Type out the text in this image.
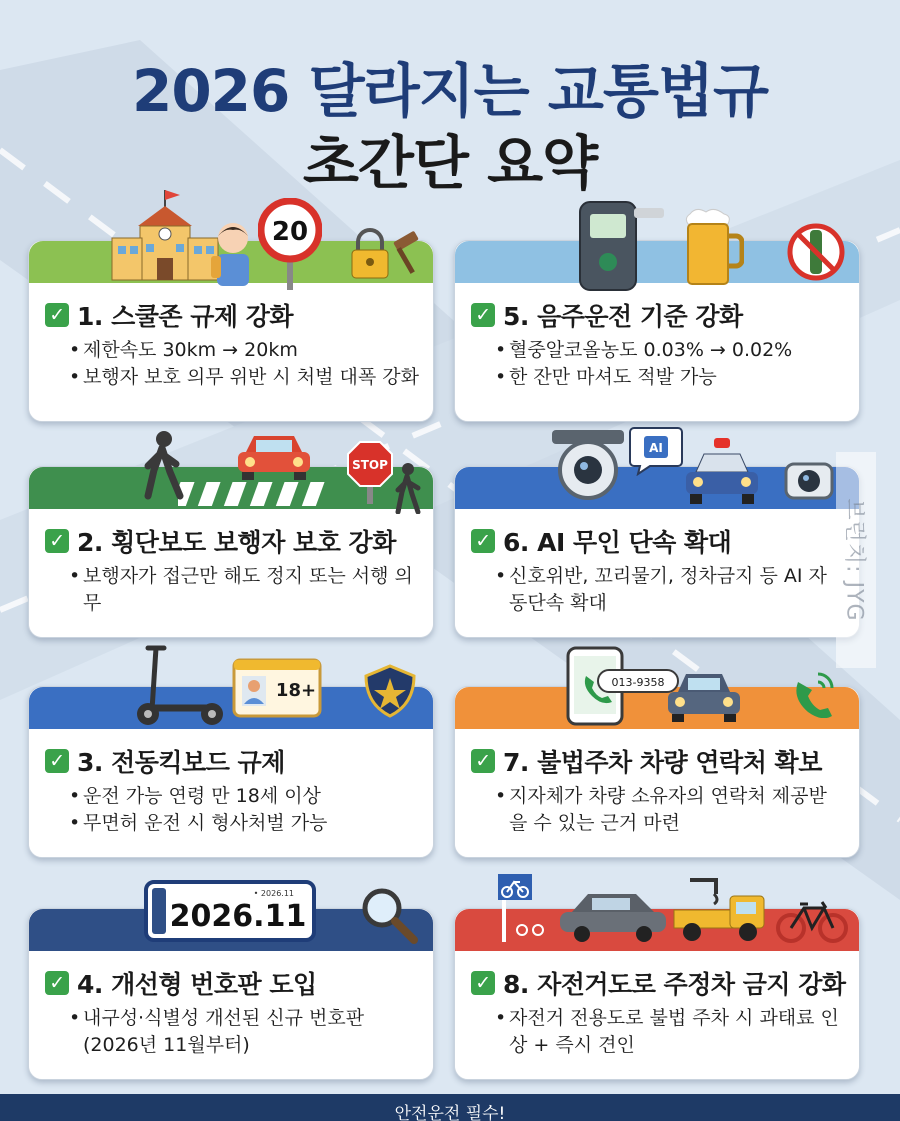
2026 달라지는 교통법규
초간단 요약
✓ 1. 스쿨존 규제 강화
• 제한속도 30km → 20km
• 보행자 보호 의무 위반 시 처벌 대폭 강화
20
✓ 5. 음주운전 기준 강화
• 혈중알코올농도 0.03% → 0.02%
• 한 잔만 마셔도 적발 가능
✓ 2. 횡단보도 보행자 보호 강화
• 보행자가 접근만 해도 정지 또는 서행 의무
STOP
✓ 6. AI 무인 단속 확대
• 신호위반, 꼬리물기, 정차금지 등 AI 자동단속 확대
AI
✓ 3. 전동킥보드 규제
• 운전 가능 연령 만 18세 이상
• 무면허 운전 시 형사처벌 가능
18+
✓ 7. 불법주차 차량 연락처 확보
• 지자체가 차량 소유자의 연락처 제공받을 수 있는 근거 마련
013-9358
✓ 4. 개선형 번호판 도입
• 내구성·식별성 개선된 신규 번호판(2026년 11월부터)
• 2026.11
2026.11
✓ 8. 자전거도로 주정차 금지 강화
• 자전거 전용도로 불법 주차 시 과태료 인상 + 즉시 견인
안전운전 필수!
브런치: JYG
